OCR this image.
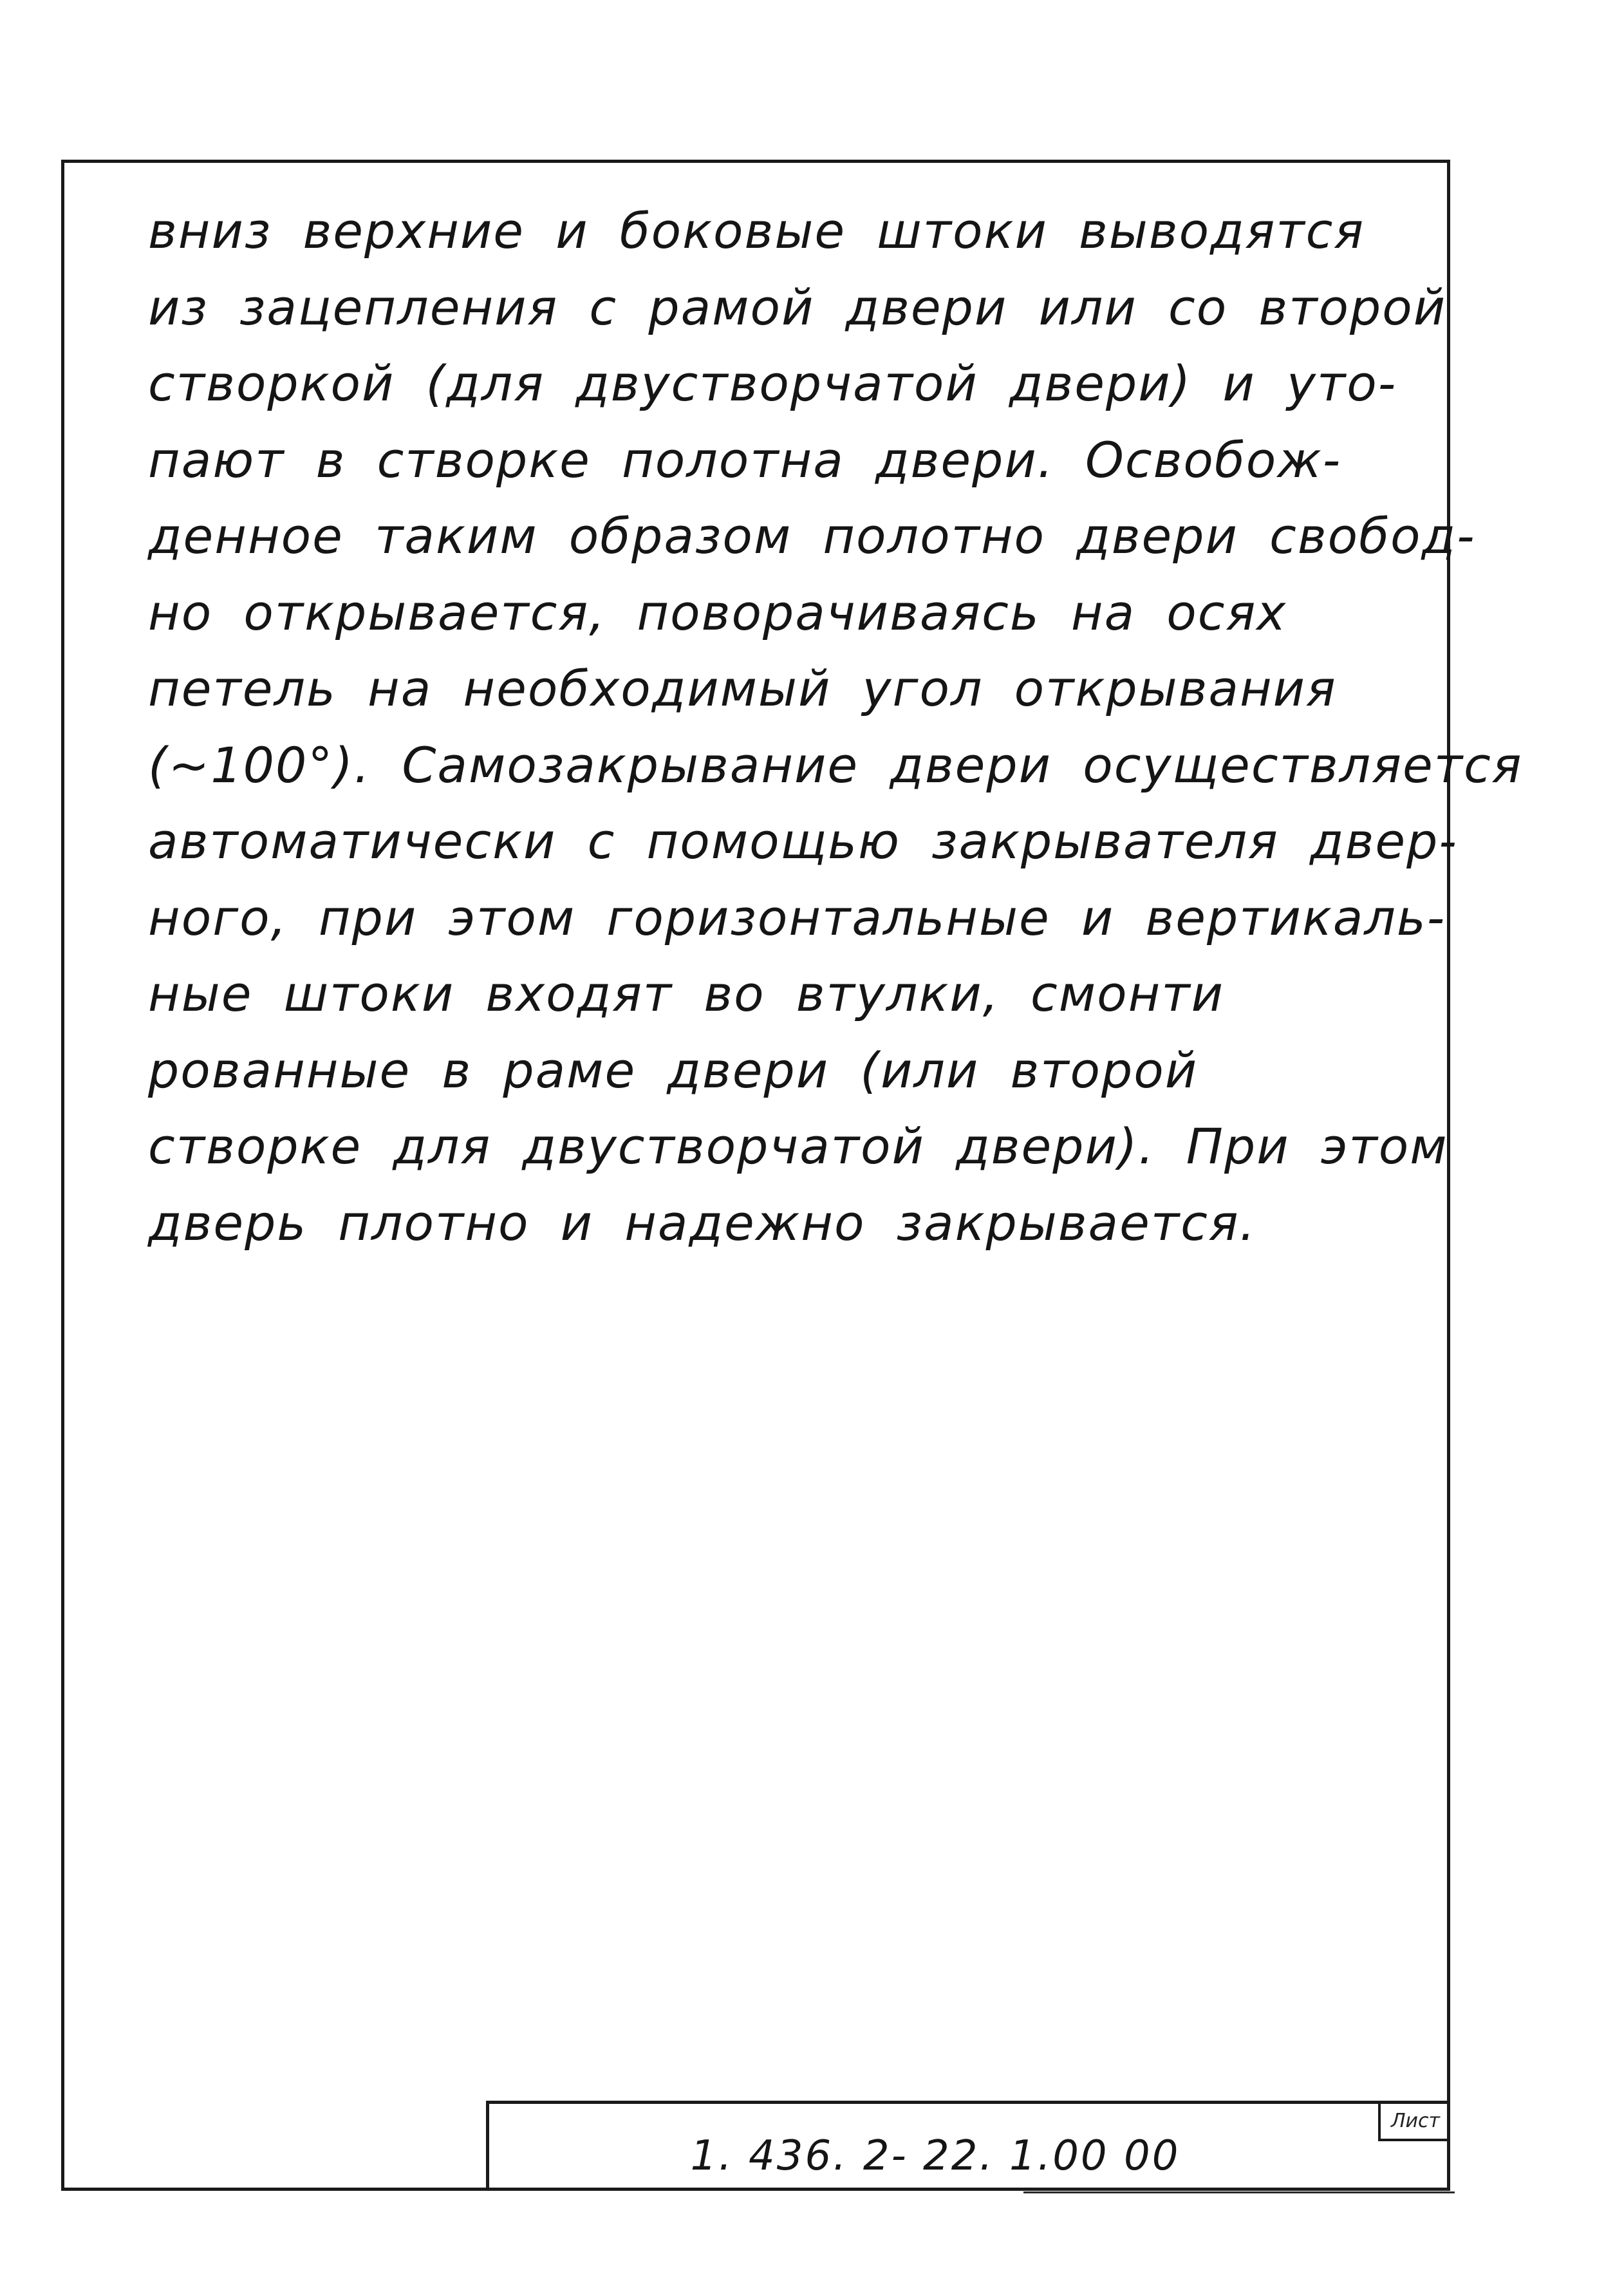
вниз верхние и боковые штоки выводятся
из зацепления с рамой двери или со второй
створкой (для двустворчатой двери) и уто-
пают в створке полотна двери. Освобож-
денное таким образом полотно двери свобод-
но открывается, поворачиваясь на осях
петель на необходимый угол открывания
(~100°). Самозакрывание двери осуществляется
автоматически с помощью закрывателя двер-
ного, при этом горизонтальные и вертикаль-
ные штоки входят во втулки, смонти
рованные в раме двери (или второй
створке для двустворчатой двери). При этом
дверь плотно и надежно закрывается.
Лист
1. 436. 2- 22. 1.00 00
